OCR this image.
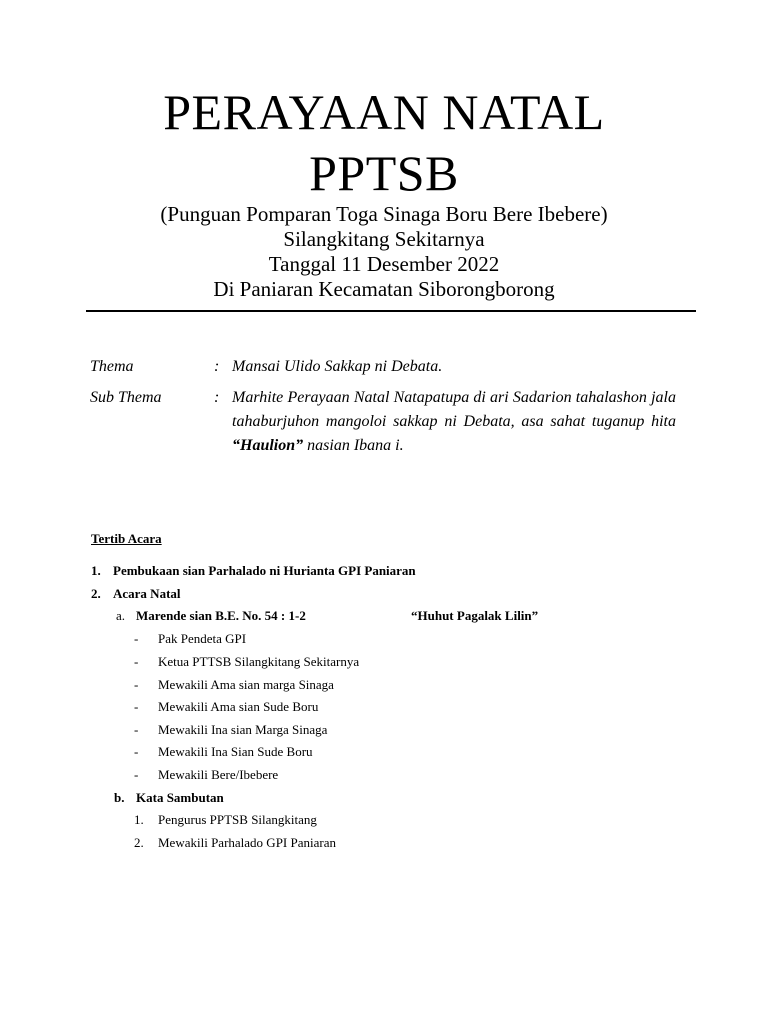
PERAYAAN NATAL
PPTSB
(Punguan Pomparan Toga Sinaga Boru Bere Ibebere)
Silangkitang Sekitarnya
Tanggal 11 Desember 2022
Di Paniaran Kecamatan Siborongborong
Thema	: Mansai Ulido Sakkap ni Debata.
Sub Thema	: Marhite Perayaan Natal Natapatupa di ari Sadarion tahalashon jala tahaburjuhon mangoloi sakkap ni Debata, asa sahat tuganup hita “Haulion” nasian Ibana i.
Tertib Acara
1. Pembukaan sian Parhalado ni Hurianta GPI Paniaran
2. Acara Natal
a. Marende sian B.E. No. 54 : 1-2	“Huhut Pagalak Lilin”
- Pak Pendeta GPI
- Ketua PTTSB Silangkitang Sekitarnya
- Mewakili Ama sian marga Sinaga
- Mewakili Ama sian Sude Boru
- Mewakili Ina sian Marga Sinaga
- Mewakili Ina Sian Sude Boru
- Mewakili Bere/Ibebere
b. Kata Sambutan
1. Pengurus PPTSB Silangkitang
2. Mewakili Parhalado GPI Paniaran
